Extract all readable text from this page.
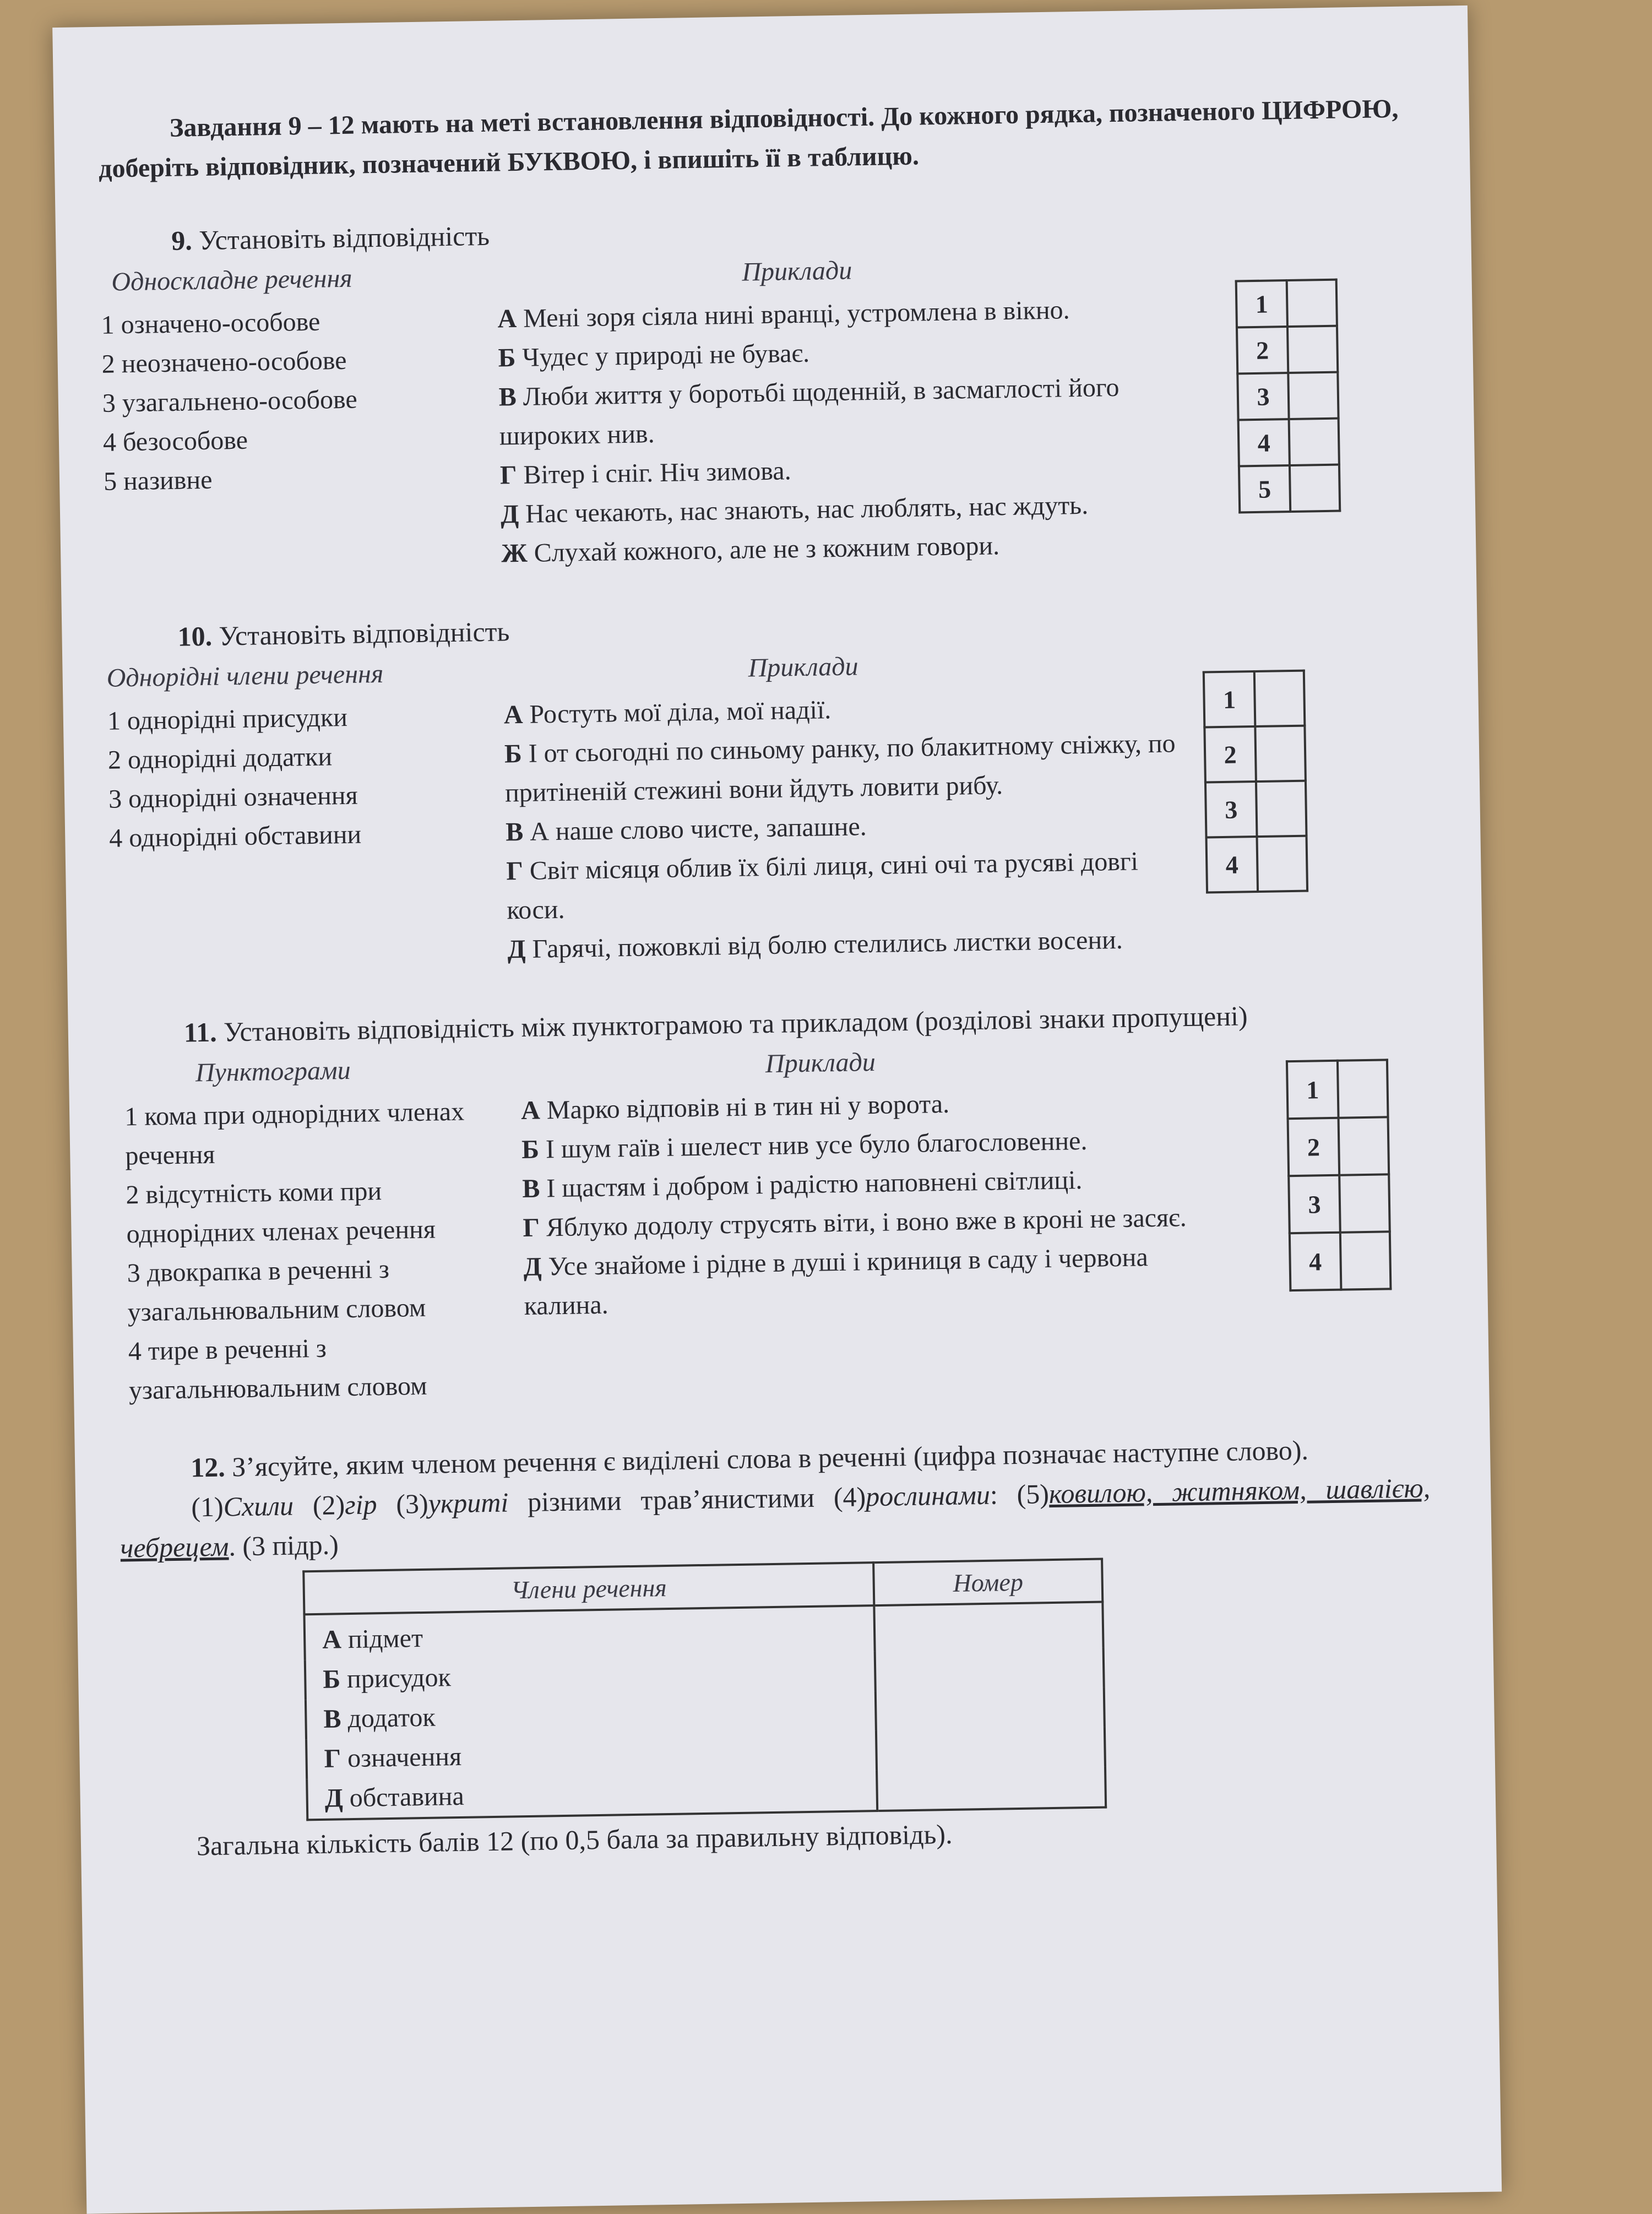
Завдання 9 – 12 мають на меті встановлення відповідності. До кожного рядка, позначеного ЦИФРОЮ, доберіть відповідник, позначений БУКВОЮ, і впишіть її в таблицю.
9. Установіть відповідність
Односкладне речення
1 означено-особове
2 неозначено-особове
3 узагальнено-особове
4 безособове
5 називне
Приклади
А Мені зоря сіяла нині вранці, устромлена в вікно.
Б Чудес у природі не буває.
В Люби життя у боротьбі щоденній, в засмаглості його широких нив.
Г Вітер і сніг. Ніч зимова.
Д Нас чекають, нас знають, нас люблять, нас ждуть.
Ж Слухай кожного, але не з кожним говори.
1	
2	
3	
4	
5	
10. Установіть відповідність
Однорідні члени речення
1 однорідні присудки
2 однорідні додатки
3 однорідні означення
4 однорідні обставини
Приклади
А Ростуть мої діла, мої надії.
Б І от сьогодні по синьому ранку, по блакитному сніжку, по притіненій стежині вони йдуть ловити рибу.
В А наше слово чисте, запашне.
Г Світ місяця облив їх білі лиця, сині очі та русяві довгі коси.
Д Гарячі, пожовклі від болю стелились листки восени.
1	
2	
3	
4	
11. Установіть відповідність між пунктограмою та прикладом (розділові знаки пропущені)
Пунктограми
1 кома при однорідних членах речення
2 відсутність коми при однорідних членах речення
3 двокрапка в реченні з узагальнювальним словом
4 тире в реченні з узагальнювальним словом
Приклади
А Марко відповів ні в тин ні у ворота.
Б І шум гаїв і шелест нив усе було благословенне.
В І щастям і добром і радістю наповнені світлиці.
Г Яблуко додолу струсять віти, і воно вже в кроні не засяє.
Д Усе знайоме і рідне в душі і криниця в саду і червона калина.
1	
2	
3	
4	
12. З’ясуйте, яким членом речення є виділені слова в реченні (цифра позначає наступне слово).
(1)Схили (2)гір (3)укриті різними трав’янистими (4)рослинами: (5)ковилою, житняком, шавлією, чебрецем. (3 підр.)
Члени речення	Номер
А підмет	
Б присудок	
В додаток	
Г означення	
Д обставина	
Загальна кількість балів 12 (по 0,5 бала за правильну відповідь).
